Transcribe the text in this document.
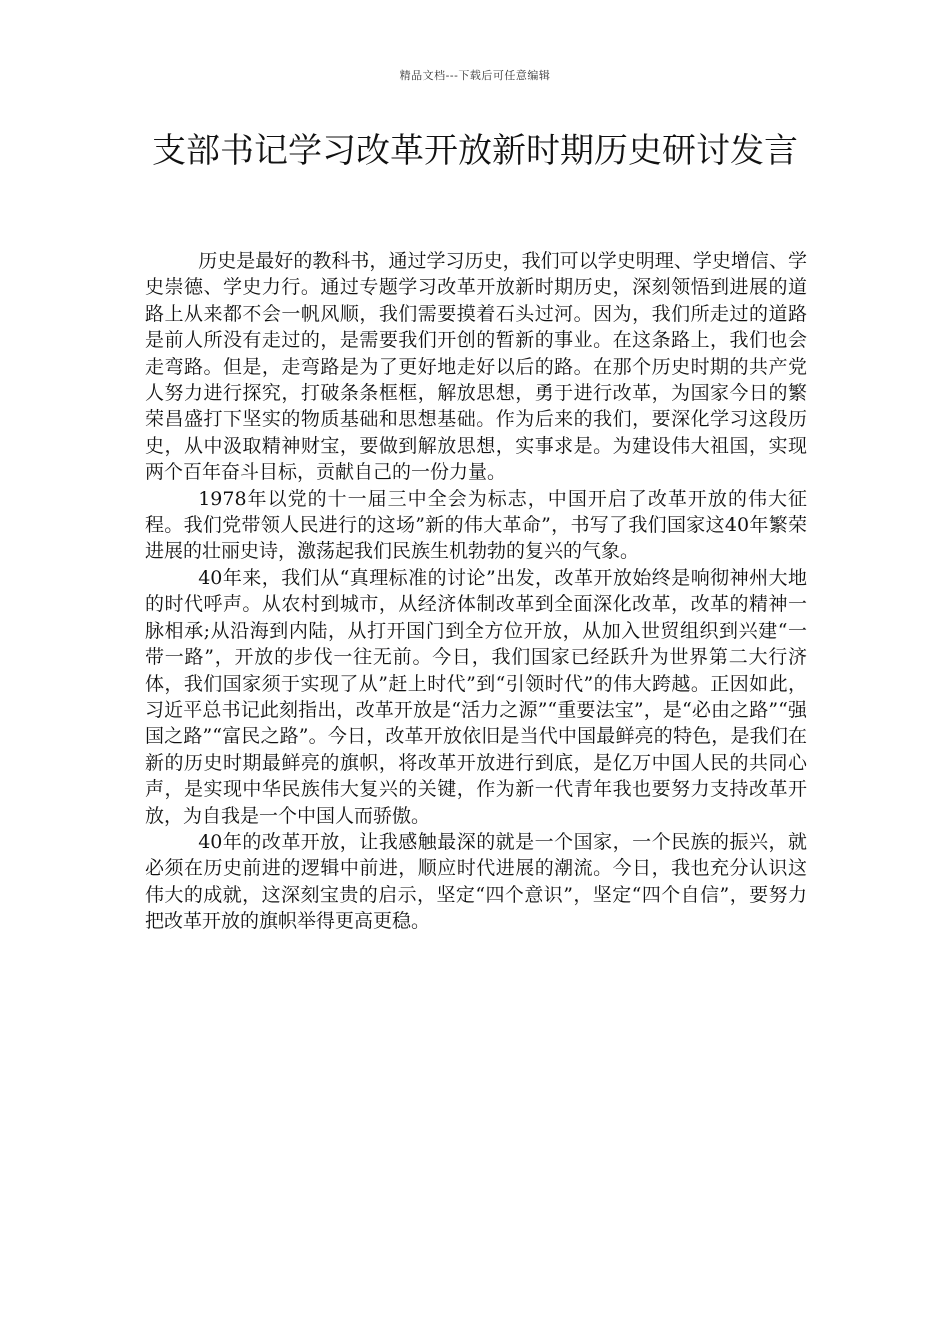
精品文档---下载后可任意编辑
支部书记学习改革开放新时期历史研讨发言

历史是最好的教科书，通过学习历史，我们可以学史明理、学史增信、学史崇德、学史力行。通过专题学习改革开放新时期历史，深刻领悟到进展的道路上从来都不会一帆风顺，我们需要摸着石头过河。因为，我们所走过的道路是前人所没有走过的，是需要我们开创的暂新的事业。在这条路上，我们也会走弯路。但是，走弯路是为了更好地走好以后的路。在那个历史时期的共产党人努力进行探究，打破条条框框，解放思想，勇于进行改革，为国家今日的繁荣昌盛打下坚实的物质基础和思想基础。作为后来的我们，要深化学习这段历史，从中汲取精神财宝，要做到解放思想，实事求是。为建设伟大祖国，实现两个百年奋斗目标，贡献自己的一份力量。

1978年以党的十一届三中全会为标志，中国开启了改革开放的伟大征程。我们党带领人民进行的这场”新的伟大革命”，书写了我们国家这40年繁荣进展的壮丽史诗，激荡起我们民族生机勃勃的复兴的气象。

40年来，我们从“真理标准的讨论”出发，改革开放始终是响彻神州大地的时代呼声。从农村到城市，从经济体制改革到全面深化改革，改革的精神一脉相承;从沿海到内陆，从打开国门到全方位开放，从加入世贸组织到兴建“一带一路”，开放的步伐一往无前。今日，我们国家已经跃升为世界第二大行济体，我们国家须于实现了从”赶上时代”到“引领时代”的伟大跨越。正因如此，习近平总书记此刻指出，改革开放是“活力之源”“重要法宝”，是“必由之路”“强国之路”“富民之路”。今日，改革开放依旧是当代中国最鲜亮的特色，是我们在新的历史时期最鲜亮的旗帜，将改革开放进行到底，是亿万中国人民的共同心声，是实现中华民族伟大复兴的关键，作为新一代青年我也要努力支持改革开放，为自我是一个中国人而骄傲。

40年的改革开放，让我感触最深的就是一个国家，一个民族的振兴，就必须在历史前进的逻辑中前进，顺应时代进展的潮流。今日，我也充分认识这伟大的成就，这深刻宝贵的启示，坚定“四个意识”，坚定“四个自信”，要努力把改革开放的旗帜举得更高更稳。
